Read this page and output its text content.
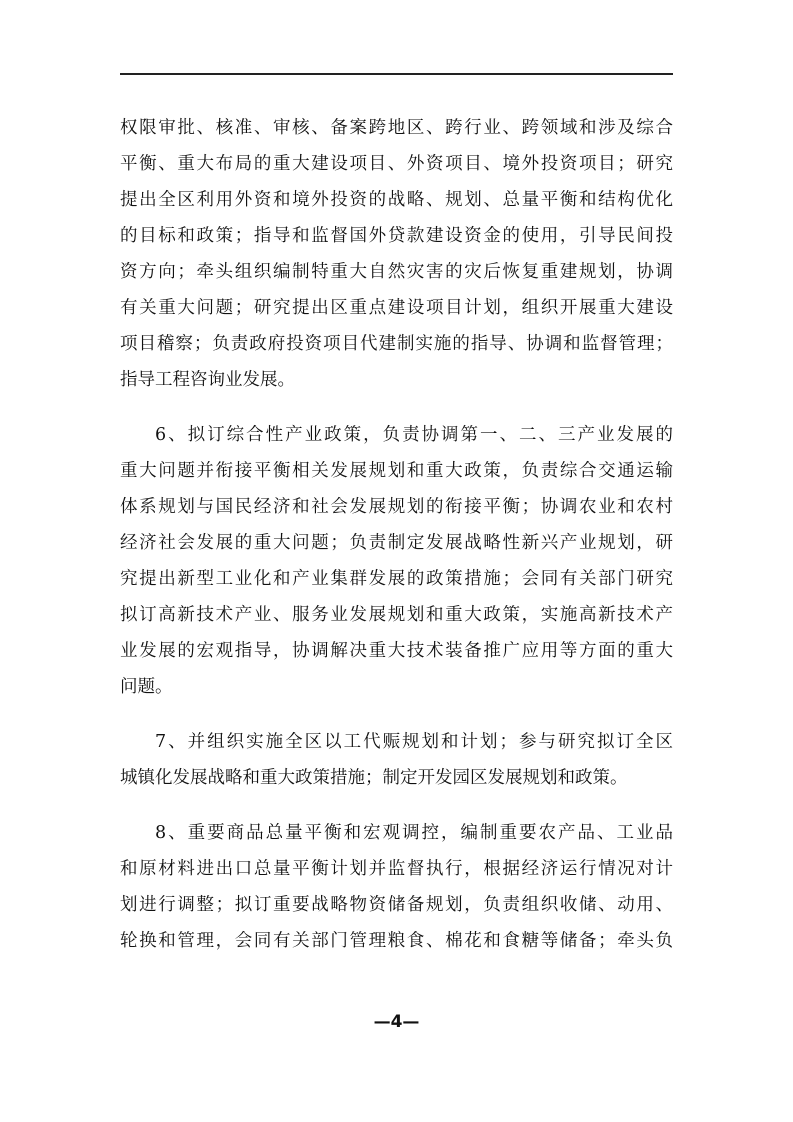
权限审批、核准、审核、备案跨地区、跨行业、跨领域和涉及综合
平衡、重大布局的重大建设项目、外资项目、境外投资项目；研究
提出全区利用外资和境外投资的战略、规划、总量平衡和结构优化
的目标和政策；指导和监督国外贷款建设资金的使用，引导民间投
资方向；牵头组织编制特重大自然灾害的灾后恢复重建规划，协调
有关重大问题；研究提出区重点建设项目计划，组织开展重大建设
项目稽察；负责政府投资项目代建制实施的指导、协调和监督管理；
指导工程咨询业发展。
6、拟订综合性产业政策，负责协调第一、二、三产业发展的
重大问题并衔接平衡相关发展规划和重大政策，负责综合交通运输
体系规划与国民经济和社会发展规划的衔接平衡；协调农业和农村
经济社会发展的重大问题；负责制定发展战略性新兴产业规划，研
究提出新型工业化和产业集群发展的政策措施；会同有关部门研究
拟订高新技术产业、服务业发展规划和重大政策，实施高新技术产
业发展的宏观指导，协调解决重大技术装备推广应用等方面的重大
问题。
7、并组织实施全区以工代赈规划和计划；参与研究拟订全区
城镇化发展战略和重大政策措施；制定开发园区发展规划和政策。
8、重要商品总量平衡和宏观调控，编制重要农产品、工业品
和原材料进出口总量平衡计划并监督执行，根据经济运行情况对计
划进行调整；拟订重要战略物资储备规划，负责组织收储、动用、
轮换和管理，会同有关部门管理粮食、棉花和食糖等储备；牵头负
—4—
